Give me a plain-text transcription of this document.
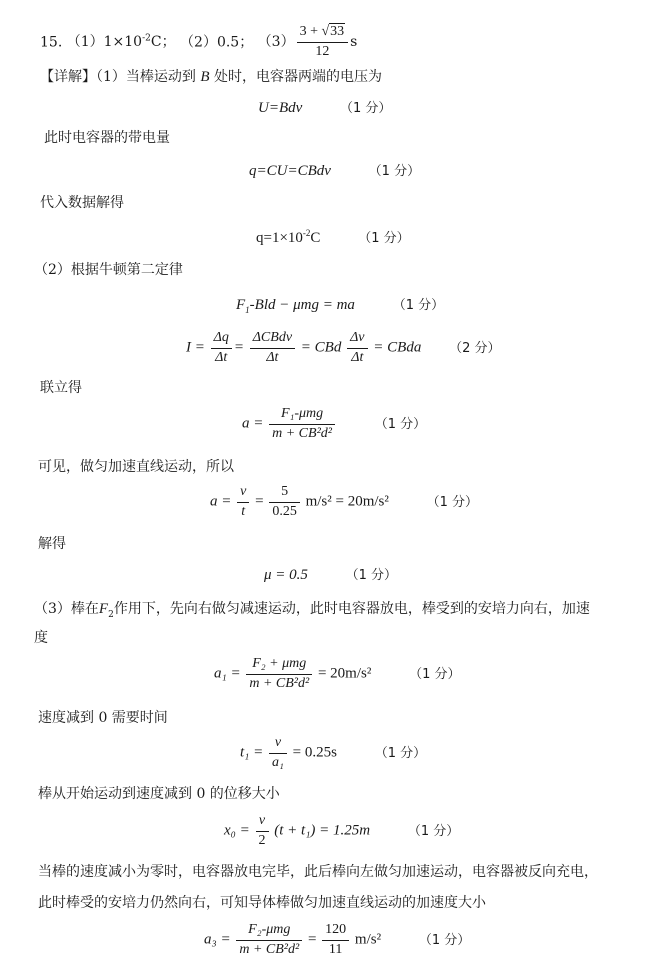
15. $(1)1\times 10^{-2}C$； （2）0.5； $(3) \frac{3 + √33}{12}$ s
【详解】（1）当棒运动到 B 处时，电容器两端的电压为
U=Bdv	（1 分）
此时电容器的带电量
q=CU=CBdv	（1 分）
代入数据解得
$q=1\times 10^{-2}C$	（1 分）
（2）根据牛顿第二定律
$F_1$-Bld − μmg = ma	（1 分）
$I = \frac{\Delta q}{\Delta t} = \frac{\text{ΔCBdv}}{\Delta t}$ = CBd $\frac{\Delta v}{\Delta t}$ = CBda （2 分）
联立得
$a = \frac{\text{F₁-μmg}}{\text{m + CB²d²}}$	（1 分）
可见，做匀加速直线运动，所以
$a = \frac{v}{t} = \frac{5}{0.25} m/s^2 = 20m/s^2$	（1 分）
解得
μ = 0.5	（1 分）
（3）棒在$F_2$作用下，先向右做匀减速运动，此时电容器放电，棒受到的安培力向右，加速
度
$a_1 = \frac{\text{F₂ + μmg}}{\text{m + CB²d²}} = 20m/s^2$	（1 分）
速度减到 0 需要时间
$t_1 = \frac{v}{\text{a₁}} = 0.25s$	（1 分）
棒从开始运动到速度减到 0 的位移大小
$x_0 = \frac{v}{2} (t + t_1) = 1.25m$	（1 分）
当棒的速度减小为零时，电容器放电完毕，此后棒向左做匀加速运动，电容器被反向充电，
此时棒受的安培力仍然向右，可知导体棒做匀加速直线运动的加速度大小
$a_3 = \frac{\text{F₂-μmg}}{\text{m + CB²d²}} = \frac{120}{11} m/s^2$	（1 分）
